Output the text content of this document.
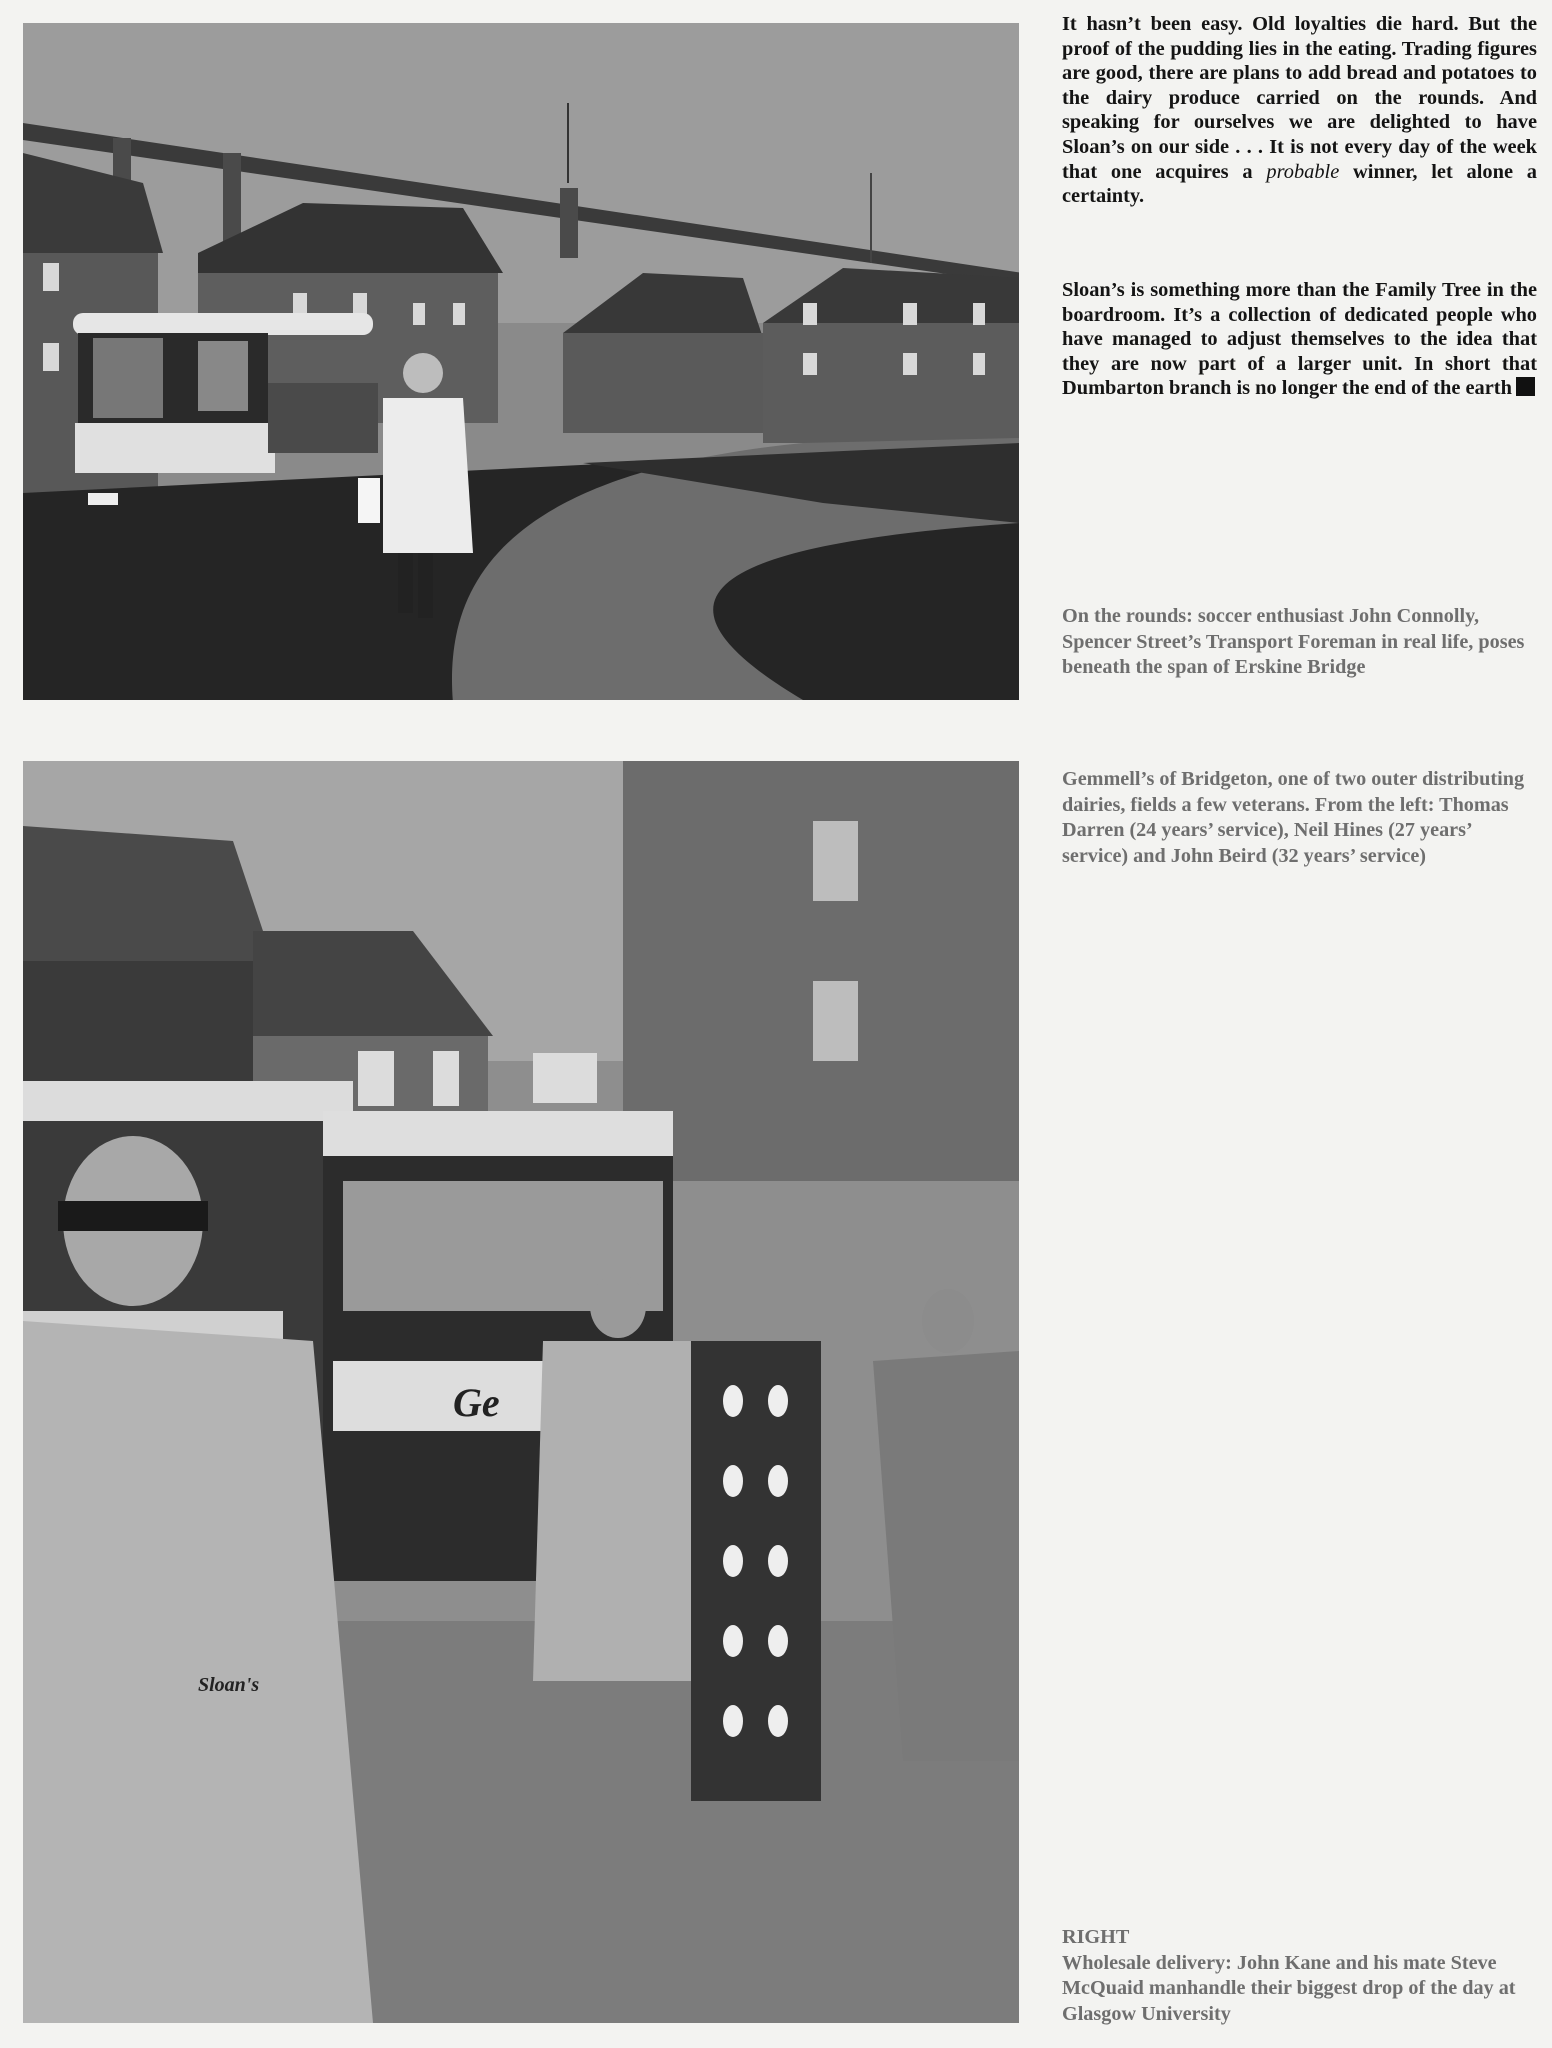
Ge
Sloan's

It hasn’t been easy. Old loyalties die hard. But the proof of the pudding lies in the eating. Trading figures are good, there are plans to add bread and potatoes to the dairy produce carried on the rounds. And speaking for ourselves we are delighted to have Sloan’s on our side . . . It is not every day of the week that one acquires a probable winner, let alone a certainty.

Sloan’s is something more than the Family Tree in the boardroom. It’s a collection of dedicated people who have managed to adjust themselves to the idea that they are now part of a larger unit. In short that Dumbarton branch is no longer the end of the earth

On the rounds: soccer enthusiast John Connolly, Spencer Street’s Transport Foreman in real life, poses beneath the span of Erskine Bridge

Gemmell’s of Bridgeton, one of two outer distributing dairies, fields a few veterans. From the left: Thomas Darren (24 years’ service), Neil Hines (27 years’ service) and John Beird (32 years’ service)

RIGHT
Wholesale delivery: John Kane and his mate Steve McQuaid manhandle their biggest drop of the day at Glasgow University
